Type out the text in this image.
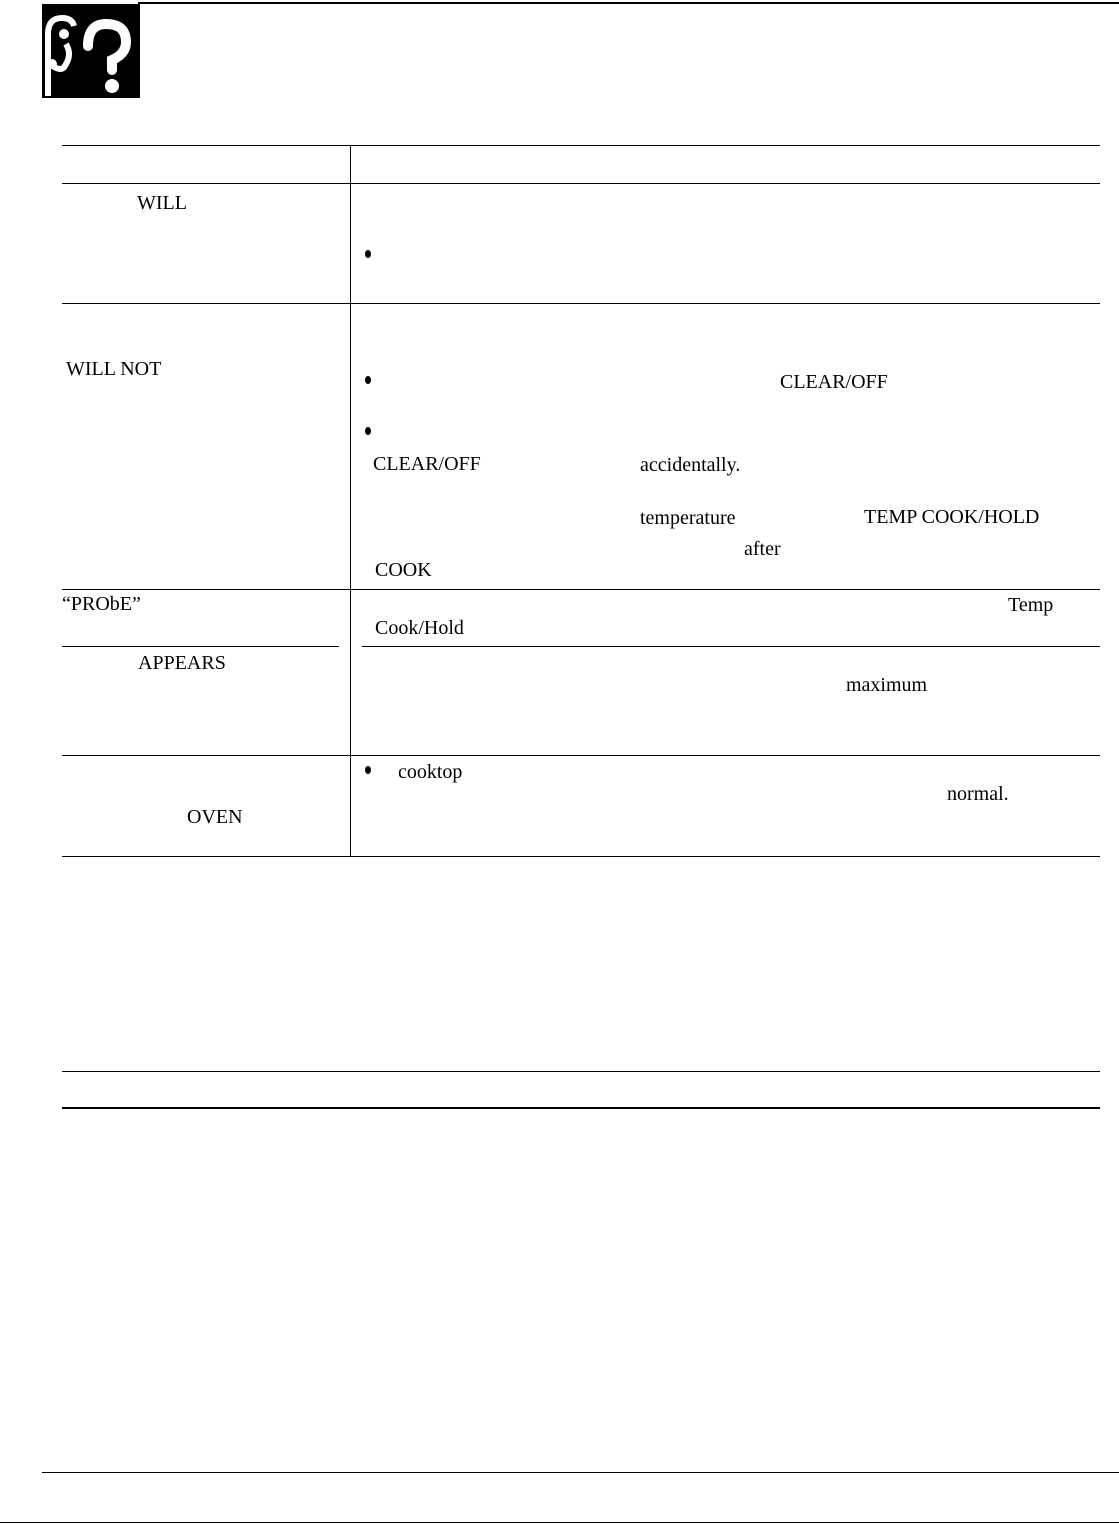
WILL
WILL NOT
“PRObE”
APPEARS
OVEN
CLEAR/OFF
CLEAR/OFF	accidentally.
temperature	TEMP COOK/HOLD
after
COOK
Temp
Cook/Hold
maximum
cooktop
normal.
